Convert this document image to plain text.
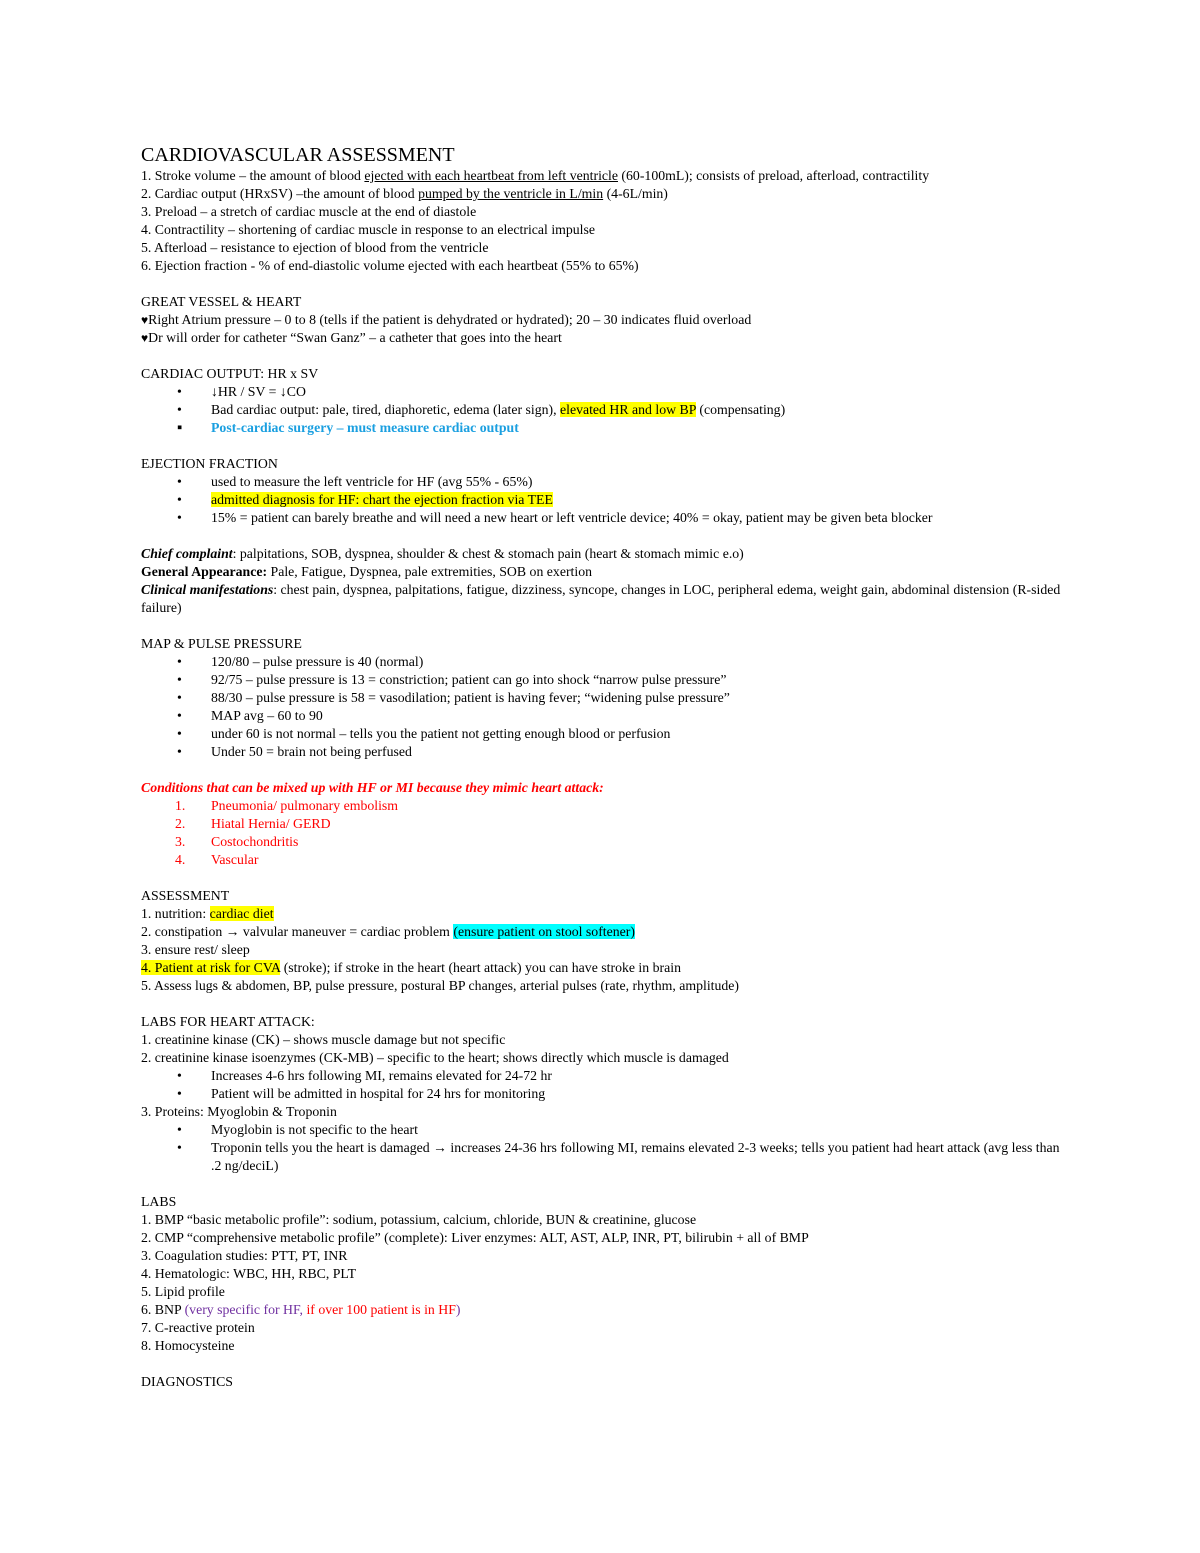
CARDIOVASCULAR ASSESSMENT
1. Stroke volume – the amount of blood ejected with each heartbeat from left ventricle (60-100mL); consists of preload, afterload, contractility
2. Cardiac output (HRxSV) –the amount of blood pumped by the ventricle in L/min (4-6L/min)
3. Preload – a stretch of cardiac muscle at the end of diastole
4. Contractility – shortening of cardiac muscle in response to an electrical impulse
5. Afterload – resistance to ejection of blood from the ventricle
6. Ejection fraction - % of end-diastolic volume ejected with each heartbeat (55% to 65%)
GREAT VESSEL & HEART
♥Right Atrium pressure – 0 to 8 (tells if the patient is dehydrated or hydrated); 20 – 30 indicates fluid overload
♥Dr will order for catheter “Swan Ganz” – a catheter that goes into the heart
CARDIAC OUTPUT: HR x SV
• ↓HR / SV = ↓CO
• Bad cardiac output: pale, tired, diaphoretic, edema (later sign), elevated HR and low BP (compensating)
▪ Post-cardiac surgery – must measure cardiac output
EJECTION FRACTION
• used to measure the left ventricle for HF (avg 55% - 65%)
• admitted diagnosis for HF: chart the ejection fraction via TEE
• 15% = patient can barely breathe and will need a new heart or left ventricle device; 40% = okay, patient may be given beta blocker
Chief complaint: palpitations, SOB, dyspnea, shoulder & chest & stomach pain (heart & stomach mimic e.o)
General Appearance: Pale, Fatigue, Dyspnea, pale extremities, SOB on exertion
Clinical manifestations: chest pain, dyspnea, palpitations, fatigue, dizziness, syncope, changes in LOC, peripheral edema, weight gain, abdominal distension (R-sided failure)
MAP & PULSE PRESSURE
• 120/80 – pulse pressure is 40 (normal)
• 92/75 – pulse pressure is 13 = constriction; patient can go into shock “narrow pulse pressure”
• 88/30 – pulse pressure is 58 = vasodilation; patient is having fever; “widening pulse pressure”
• MAP avg – 60 to 90
• under 60 is not normal – tells you the patient not getting enough blood or perfusion
• Under 50 = brain not being perfused
Conditions that can be mixed up with HF or MI because they mimic heart attack:
1. Pneumonia/ pulmonary embolism
2. Hiatal Hernia/ GERD
3. Costochondritis
4. Vascular
ASSESSMENT
1. nutrition: cardiac diet
2. constipation → valvular maneuver = cardiac problem (ensure patient on stool softener)
3. ensure rest/ sleep
4. Patient at risk for CVA (stroke); if stroke in the heart (heart attack) you can have stroke in brain
5. Assess lugs & abdomen, BP, pulse pressure, postural BP changes, arterial pulses (rate, rhythm, amplitude)
LABS FOR HEART ATTACK:
1. creatinine kinase (CK) – shows muscle damage but not specific
2. creatinine kinase isoenzymes (CK-MB) – specific to the heart; shows directly which muscle is damaged
• Increases 4-6 hrs following MI, remains elevated for 24-72 hr
• Patient will be admitted in hospital for 24 hrs for monitoring
3. Proteins: Myoglobin & Troponin
• Myoglobin is not specific to the heart
• Troponin tells you the heart is damaged → increases 24-36 hrs following MI, remains elevated 2-3 weeks; tells you patient had heart attack (avg less than .2 ng/deciL)
LABS
1. BMP “basic metabolic profile”: sodium, potassium, calcium, chloride, BUN & creatinine, glucose
2. CMP “comprehensive metabolic profile” (complete): Liver enzymes: ALT, AST, ALP, INR, PT, bilirubin + all of BMP
3. Coagulation studies: PTT, PT, INR
4. Hematologic: WBC, HH, RBC, PLT
5. Lipid profile
6. BNP (very specific for HF, if over 100 patient is in HF)
7. C-reactive protein
8. Homocysteine
DIAGNOSTICS
